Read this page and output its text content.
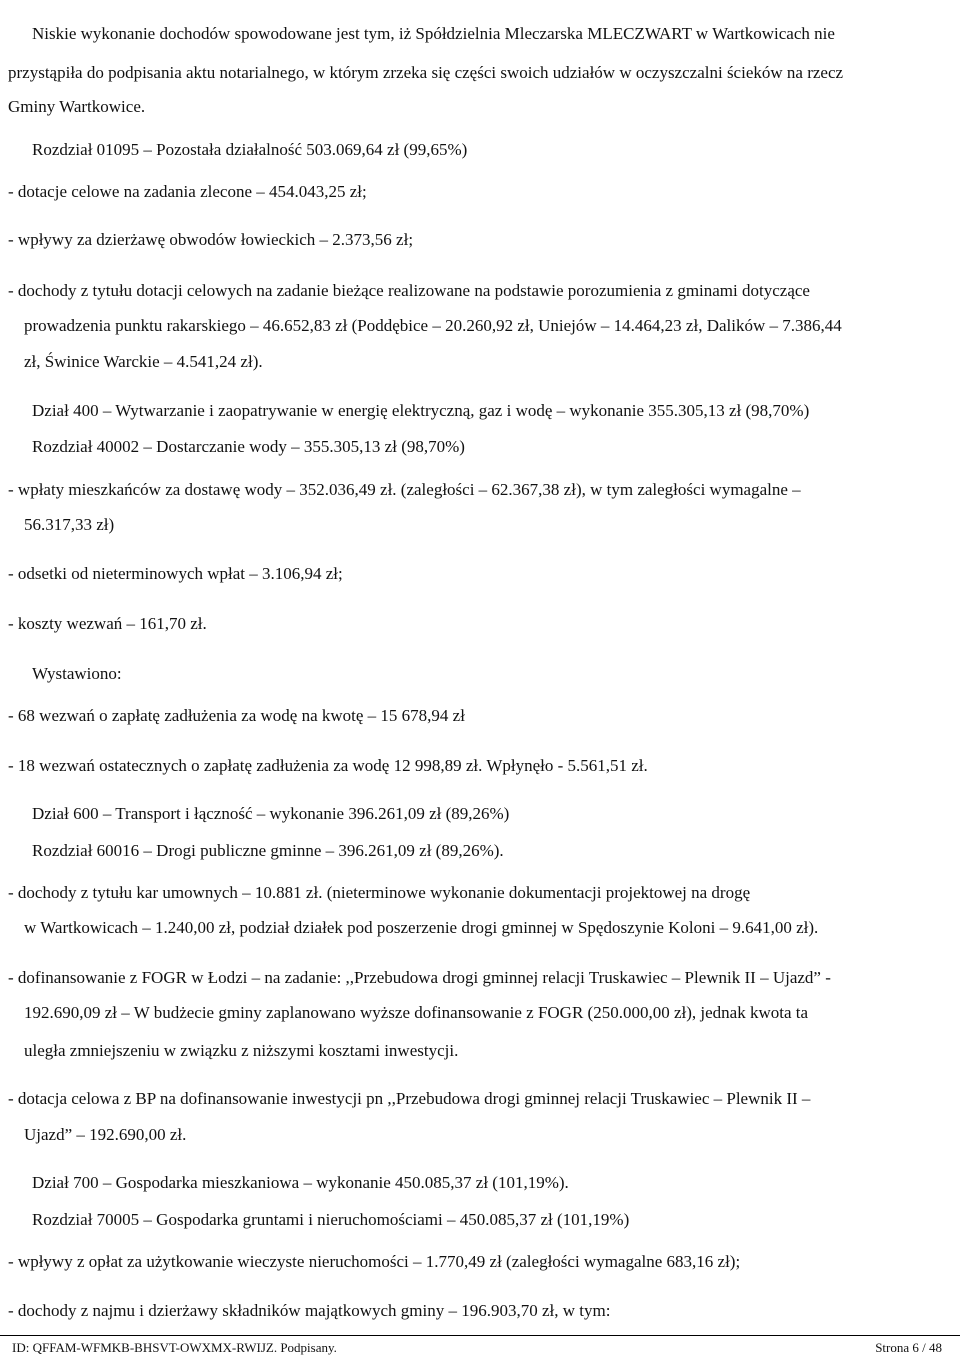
Niskie wykonanie dochodów spowodowane jest tym, iż Spółdzielnia Mleczarska MLECZWART w Wartkowicach nie
przystąpiła do podpisania aktu notarialnego, w którym zrzeka się części swoich udziałów w oczyszczalni ścieków na rzecz
Gminy Wartkowice.
Rozdział 01095 – Pozostała działalność 503.069,64 zł (99,65%)
- dotacje celowe na zadania zlecone – 454.043,25 zł;
- wpływy za dzierżawę obwodów łowieckich – 2.373,56 zł;
- dochody z tytułu dotacji celowych na zadanie bieżące realizowane na podstawie porozumienia z gminami dotyczące
prowadzenia punktu rakarskiego – 46.652,83 zł (Poddębice – 20.260,92 zł, Uniejów – 14.464,23 zł, Dalików – 7.386,44
zł, Świnice Warckie – 4.541,24 zł).
Dział 400 – Wytwarzanie i zaopatrywanie w energię elektryczną, gaz i wodę – wykonanie 355.305,13 zł (98,70%)
Rozdział 40002 – Dostarczanie wody – 355.305,13 zł (98,70%)
- wpłaty mieszkańców za dostawę wody – 352.036,49 zł. (zaległości – 62.367,38 zł), w tym zaległości wymagalne –
56.317,33 zł)
- odsetki od nieterminowych wpłat – 3.106,94 zł;
- koszty wezwań – 161,70 zł.
Wystawiono:
- 68 wezwań o zapłatę zadłużenia za wodę na kwotę – 15 678,94 zł
- 18 wezwań ostatecznych o zapłatę zadłużenia za wodę 12 998,89 zł. Wpłynęło - 5.561,51 zł.
Dział 600 – Transport i łączność – wykonanie 396.261,09 zł (89,26%)
Rozdział 60016 – Drogi publiczne gminne – 396.261,09 zł (89,26%).
- dochody z tytułu kar umownych – 10.881 zł. (nieterminowe wykonanie dokumentacji projektowej na drogę
w Wartkowicach – 1.240,00 zł, podział działek pod poszerzenie drogi gminnej w Spędoszynie Koloni – 9.641,00 zł).
- dofinansowanie z FOGR w Łodzi – na zadanie: ,,Przebudowa drogi gminnej relacji Truskawiec – Plewnik II – Ujazd” -
192.690,09 zł – W budżecie gminy zaplanowano wyższe dofinansowanie z FOGR (250.000,00 zł), jednak kwota ta
uległa zmniejszeniu w związku z niższymi kosztami inwestycji.
- dotacja celowa z BP na dofinansowanie inwestycji pn ,,Przebudowa drogi gminnej relacji Truskawiec – Plewnik II –
Ujazd” – 192.690,00 zł.
Dział 700 – Gospodarka mieszkaniowa – wykonanie 450.085,37 zł (101,19%).
Rozdział 70005 – Gospodarka gruntami i nieruchomościami – 450.085,37 zł (101,19%)
- wpływy z opłat za użytkowanie wieczyste nieruchomości – 1.770,49 zł (zaległości wymagalne 683,16 zł);
- dochody z najmu i dzierżawy składników majątkowych gminy – 196.903,70 zł, w tym:
ID: QFFAM-WFMKB-BHSVT-OWXMX-RWIJZ. Podpisany.	Strona 6 / 48
